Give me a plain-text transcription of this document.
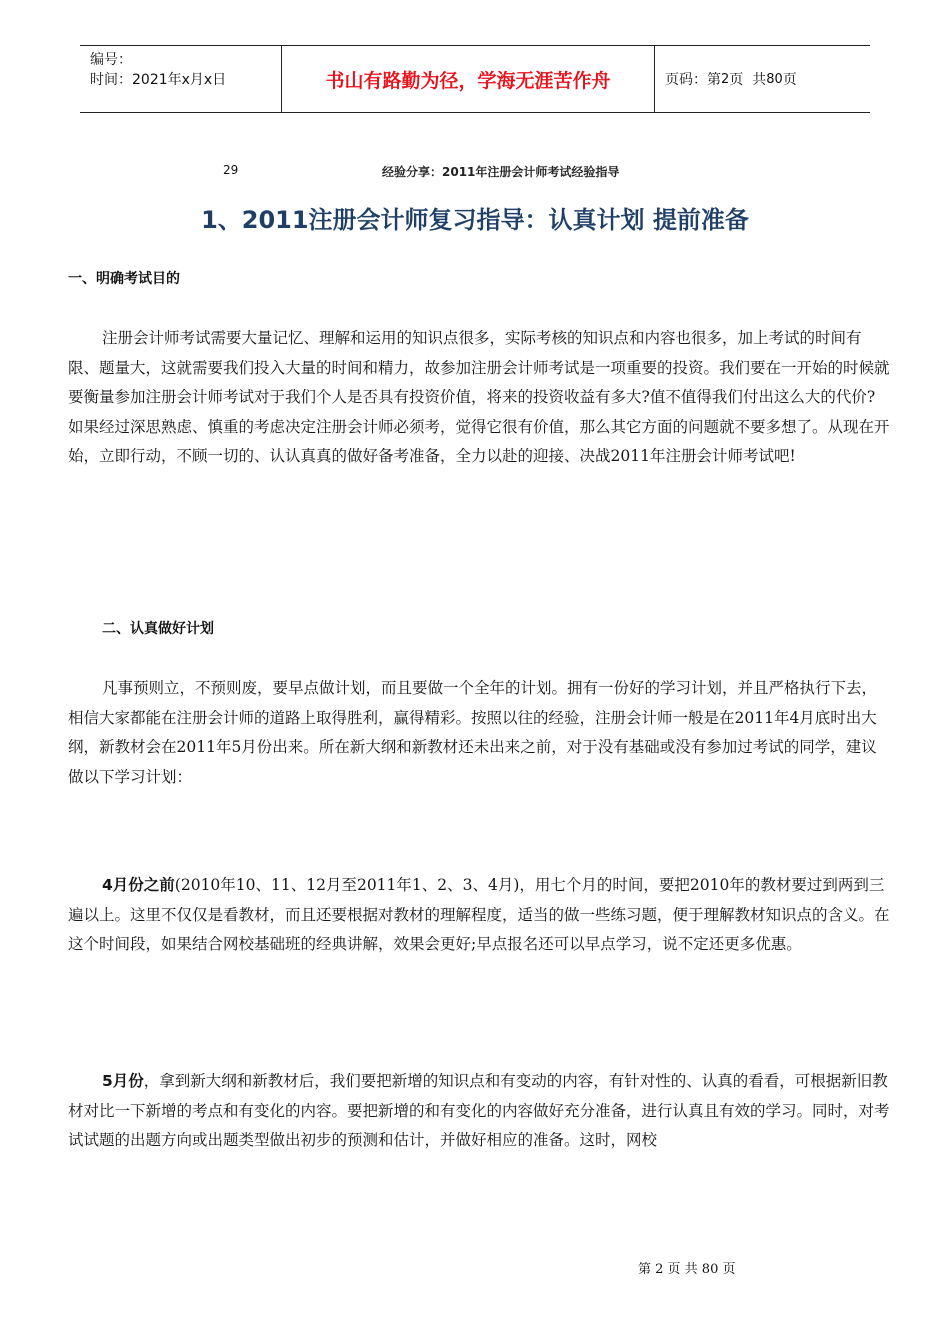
编号：
时间：2021年x月x日	书山有路勤为径，学海无涯苦作舟	页码：第 2 页  共 80 页
29	经验分享：2011年注册会计师考试经验指导
1、2011注册会计师复习指导：认真计划 提前准备
一、明确考试目的
注册会计师考试需要大量记忆、理解和运用的知识点很多，实际考核的知识点和内容也很多，加上考试的时间有限、题量大，这就需要我们投入大量的时间和精力，故参加注册会计师考试是一项重要的投资。我们要在一开始的时候就要衡量参加注册会计师考试对于我们个人是否具有投资价值，将来的投资收益有多大?值不值得我们付出这么大的代价?如果经过深思熟虑、慎重的考虑决定注册会计师必须考，觉得它很有价值，那么其它方面的问题就不要多想了。从现在开始，立即行动，不顾一切的、认认真真的做好备考准备，全力以赴的迎接、决战2011年注册会计师考试吧!
二、认真做好计划
凡事预则立，不预则废，要早点做计划，而且要做一个全年的计划。拥有一份好的学习计划，并且严格执行下去，相信大家都能在注册会计师的道路上取得胜利，赢得精彩。按照以往的经验，注册会计师一般是在2011年4月底时出大纲，新教材会在2011年5月份出来。所在新大纲和新教材还未出来之前，对于没有基础或没有参加过考试的同学，建议做以下学习计划：
4月份之前(2010年10、11、12月至2011年1、2、3、4月)，用七个月的时间，要把2010年的教材要过到两到三遍以上。这里不仅仅是看教材，而且还要根据对教材的理解程度，适当的做一些练习题，便于理解教材知识点的含义。在这个时间段，如果结合网校基础班的经典讲解，效果会更好;早点报名还可以早点学习，说不定还更多优惠。
5月份，拿到新大纲和新教材后，我们要把新增的知识点和有变动的内容，有针对性的、认真的看看，可根据新旧教材对比一下新增的考点和有变化的内容。要把新增的和有变化的内容做好充分准备，进行认真且有效的学习。同时，对考试试题的出题方向或出题类型做出初步的预测和估计，并做好相应的准备。这时，网校
第 2 页 共 80 页
